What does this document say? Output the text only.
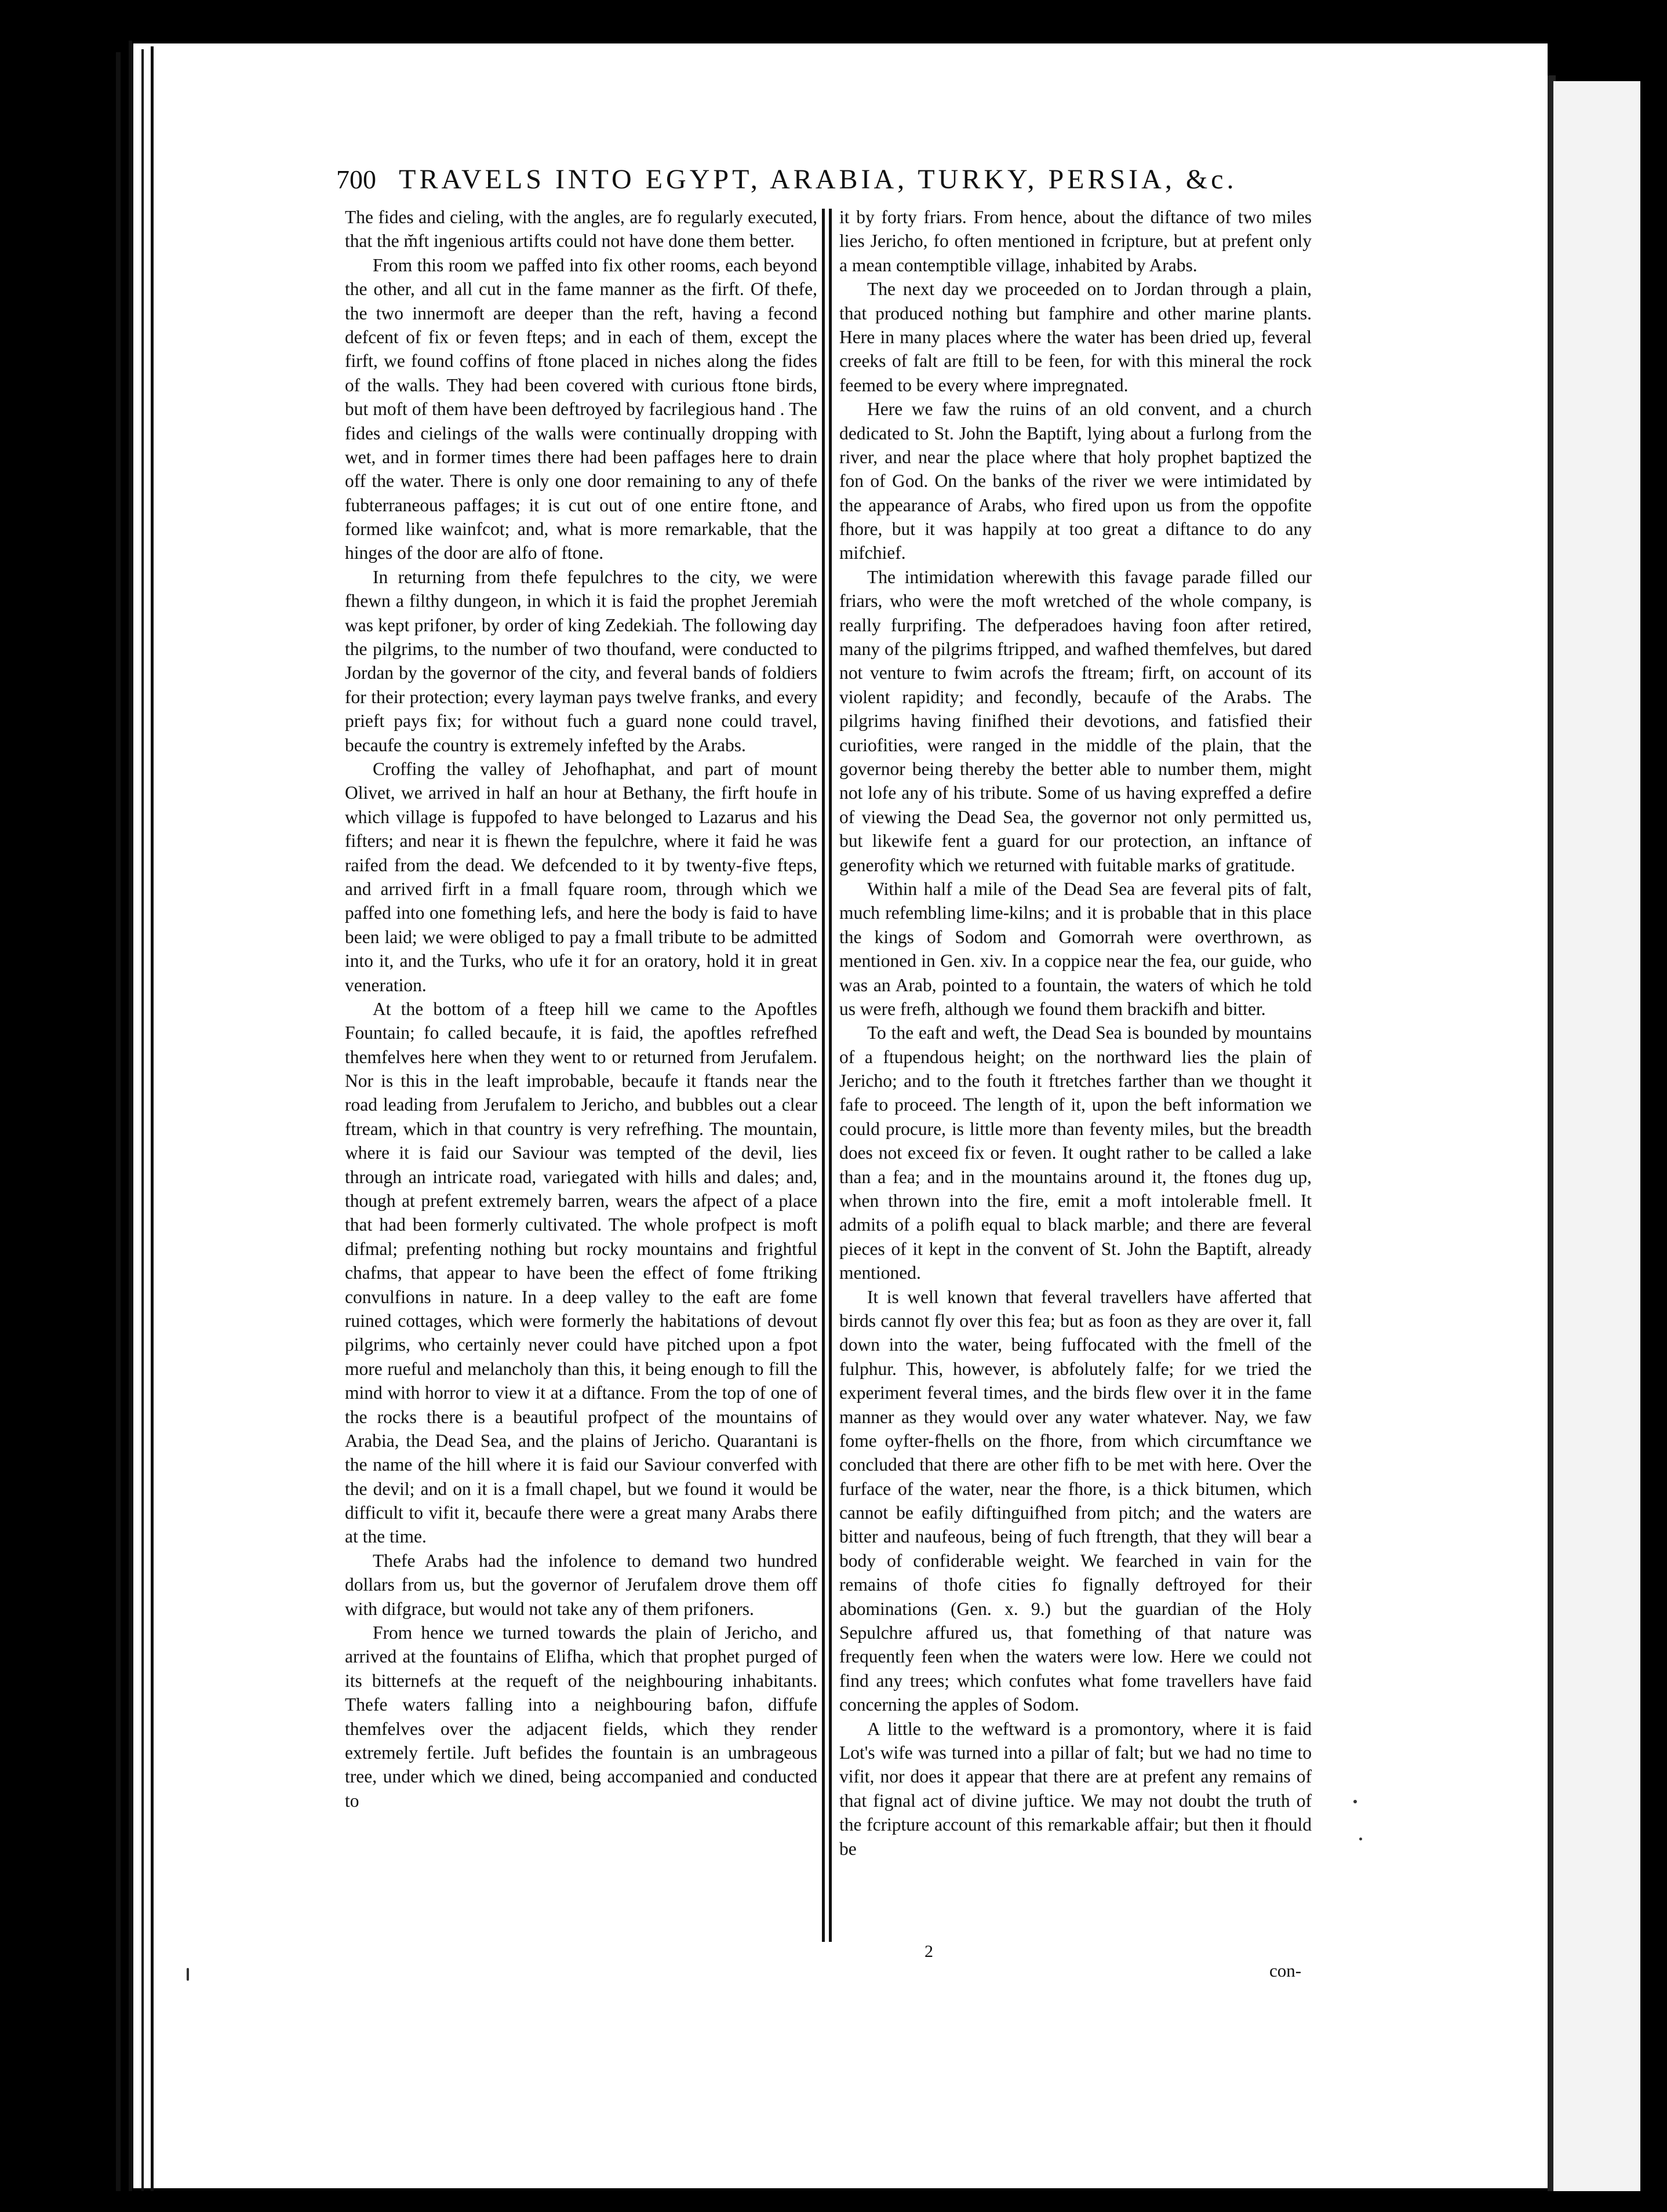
700 TRAVELS INTO EGYPT, ARABIA, TURKY, PERSIA, &c.

The fides and cieling, with the angles, are fo regularly executed, that the m̆ft ingenious artifts could not have done them better.

From this room we paffed into fix other rooms, each beyond the other, and all cut in the fame manner as the firft. Of thefe, the two innermoft are deeper than the reft, having a fecond defcent of fix or feven fteps; and in each of them, except the firft, we found coffins of ftone placed in niches along the fides of the walls. They had been covered with curious ftone birds, but moft of them have been deftroyed by facrilegious hand . The fides and cielings of the walls were continually dropping with wet, and in former times there had been paffages here to drain off the water. There is only one door remaining to any of thefe fubterraneous paffages; it is cut out of one entire ftone, and formed like wainfcot; and, what is more remarkable, that the hinges of the door are alfo of ftone.

In returning from thefe fepulchres to the city, we were fhewn a filthy dungeon, in which it is faid the prophet Jeremiah was kept prifoner, by order of king Zedekiah. The following day the pilgrims, to the number of two thoufand, were conducted to Jordan by the governor of the city, and feveral bands of foldiers for their protection; every layman pays twelve franks, and every prieft pays fix; for without fuch a guard none could travel, becaufe the country is extremely infefted by the Arabs.

Croffing the valley of Jehofhaphat, and part of mount Olivet, we arrived in half an hour at Bethany, the firft houfe in which village is fuppofed to have belonged to Lazarus and his fifters; and near it is fhewn the fepulchre, where it faid he was raifed from the dead. We defcended to it by twenty-five fteps, and arrived firft in a fmall fquare room, through which we paffed into one fomething lefs, and here the body is faid to have been laid; we were obliged to pay a fmall tribute to be admitted into it, and the Turks, who ufe it for an oratory, hold it in great veneration.

At the bottom of a fteep hill we came to the Apoftles Fountain; fo called becaufe, it is faid, the apoftles refrefhed themfelves here when they went to or returned from Jerufalem. Nor is this in the leaft improbable, becaufe it ftands near the road leading from Jerufalem to Jericho, and bubbles out a clear ftream, which in that country is very refrefhing. The mountain, where it is faid our Saviour was tempted of the devil, lies through an intricate road, variegated with hills and dales; and, though at prefent extremely barren, wears the afpect of a place that had been formerly cultivated. The whole profpect is moft difmal; prefenting nothing but rocky mountains and frightful chafms, that appear to have been the effect of fome ftriking convulfions in nature. In a deep valley to the eaft are fome ruined cottages, which were formerly the habitations of devout pilgrims, who certainly never could have pitched upon a fpot more rueful and melancholy than this, it being enough to fill the mind with horror to view it at a diftance. From the top of one of the rocks there is a beautiful profpect of the mountains of Arabia, the Dead Sea, and the plains of Jericho. Quarantani is the name of the hill where it is faid our Saviour converfed with the devil; and on it is a fmall chapel, but we found it would be difficult to vifit it, becaufe there were a great many Arabs there at the time.

Thefe Arabs had the infolence to demand two hundred dollars from us, but the governor of Jerufalem drove them off with difgrace, but would not take any of them prifoners.

From hence we turned towards the plain of Jericho, and arrived at the fountains of Elifha, which that prophet purged of its bitternefs at the requeft of the neighbouring inhabitants. Thefe waters falling into a neighbouring bafon, diffufe themfelves over the adjacent fields, which they render extremely fertile. Juft befides the fountain is an umbrageous tree, under which we dined, being accompanied and conducted to

it by forty friars. From hence, about the diftance of two miles lies Jericho, fo often mentioned in fcripture, but at prefent only a mean contemptible village, inhabited by Arabs.

The next day we proceeded on to Jordan through a plain, that produced nothing but famphire and other marine plants. Here in many places where the water has been dried up, feveral creeks of falt are ftill to be feen, for with this mineral the rock feemed to be every where impregnated.

Here we faw the ruins of an old convent, and a church dedicated to St. John the Baptift, lying about a furlong from the river, and near the place where that holy prophet baptized the fon of God. On the banks of the river we were intimidated by the appearance of Arabs, who fired upon us from the oppofite fhore, but it was happily at too great a diftance to do any mifchief.

The intimidation wherewith this favage parade filled our friars, who were the moft wretched of the whole company, is really furprifing. The defperadoes having foon after retired, many of the pilgrims ftripped, and wafhed themfelves, but dared not venture to fwim acrofs the ftream; firft, on account of its violent rapidity; and fecondly, becaufe of the Arabs. The pilgrims having finifhed their devotions, and fatisfied their curiofities, were ranged in the middle of the plain, that the governor being thereby the better able to number them, might not lofe any of his tribute. Some of us having expreffed a defire of viewing the Dead Sea, the governor not only permitted us, but likewife fent a guard for our protection, an inftance of generofity which we returned with fuitable marks of gratitude.

Within half a mile of the Dead Sea are feveral pits of falt, much refembling lime-kilns; and it is probable that in this place the kings of Sodom and Gomorrah were overthrown, as mentioned in Gen. xiv. In a coppice near the fea, our guide, who was an Arab, pointed to a fountain, the waters of which he told us were frefh, although we found them brackifh and bitter.

To the eaft and weft, the Dead Sea is bounded by mountains of a ftupendous height; on the northward lies the plain of Jericho; and to the fouth it ftretches farther than we thought it fafe to proceed. The length of it, upon the beft information we could procure, is little more than feventy miles, but the breadth does not exceed fix or feven. It ought rather to be called a lake than a fea; and in the mountains around it, the ftones dug up, when thrown into the fire, emit a moft intolerable fmell. It admits of a polifh equal to black marble; and there are feveral pieces of it kept in the convent of St. John the Baptift, already mentioned.

It is well known that feveral travellers have afferted that birds cannot fly over this fea; but as foon as they are over it, fall down into the water, being fuffocated with the fmell of the fulphur. This, however, is abfolutely falfe; for we tried the experiment feveral times, and the birds flew over it in the fame manner as they would over any water whatever. Nay, we faw fome oyfter-fhells on the fhore, from which circumftance we concluded that there are other fifh to be met with here. Over the furface of the water, near the fhore, is a thick bitumen, which cannot be eafily diftinguifhed from pitch; and the waters are bitter and naufeous, being of fuch ftrength, that they will bear a body of confiderable weight. We fearched in vain for the remains of thofe cities fo fignally deftroyed for their abominations (Gen. x. 9.) but the guardian of the Holy Sepulchre affured us, that fomething of that nature was frequently feen when the waters were low. Here we could not find any trees; which confutes what fome travellers have faid concerning the apples of Sodom.

A little to the weftward is a promontory, where it is faid Lot's wife was turned into a pillar of falt; but we had no time to vifit, nor does it appear that there are at prefent any remains of that fignal act of divine juftice. We may not doubt the truth of the fcripture account of this remarkable affair; but then it fhould be

2
con-
